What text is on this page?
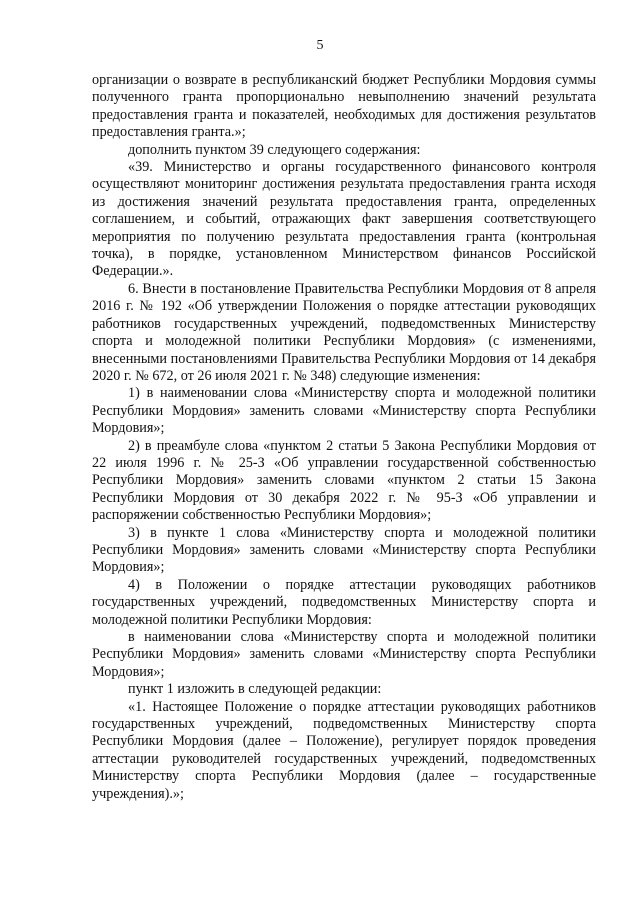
5

организации о возврате в республиканский бюджет Республики Мордовия суммы полученного гранта пропорционально невыполнению значений результата предоставления гранта и показателей, необходимых для достижения результатов предоставления гранта.»;

дополнить пунктом 39 следующего содержания:

«39. Министерство и органы государственного финансового контроля осуществляют мониторинг достижения результата предоставления гранта исходя из достижения значений результата предоставления гранта, определенных соглашением, и событий, отражающих факт завершения соответствующего мероприятия по получению результата предоставления гранта (контрольная точка), в порядке, установленном Министерством финансов Российской Федерации.».

6. Внести в постановление Правительства Республики Мордовия от 8 апреля 2016 г. № 192 «Об утверждении Положения о порядке аттестации руководящих работников государственных учреждений, подведомственных Министерству спорта и молодежной политики Республики Мордовия» (с изменениями, внесенными постановлениями Правительства Республики Мордовия от 14 декабря 2020 г. № 672, от 26 июля 2021 г. № 348) следующие изменения:

1) в наименовании слова «Министерству спорта и молодежной политики Республики Мордовия» заменить словами «Министерству спорта Республики Мордовия»;

2) в преамбуле слова «пунктом 2 статьи 5 Закона Республики Мордовия от 22 июля 1996 г. № 25-З «Об управлении государственной собственностью Республики Мордовия» заменить словами «пунктом 2 статьи 15 Закона Республики Мордовия от 30 декабря 2022 г. № 95-З «Об управлении и распоряжении собственностью Республики Мордовия»;

3) в пункте 1 слова «Министерству спорта и молодежной политики Республики Мордовия» заменить словами «Министерству спорта Республики Мордовия»;

4) в Положении о порядке аттестации руководящих работников государственных учреждений, подведомственных Министерству спорта и молодежной политики Республики Мордовия:

в наименовании слова «Министерству спорта и молодежной политики Республики Мордовия» заменить словами «Министерству спорта Республики Мордовия»;

пункт 1 изложить в следующей редакции:

«1. Настоящее Положение о порядке аттестации руководящих работников государственных учреждений, подведомственных Министерству спорта Республики Мордовия (далее – Положение), регулирует порядок проведения аттестации руководителей государственных учреждений, подведомственных Министерству спорта Республики Мордовия (далее – государственные учреждения).»;
